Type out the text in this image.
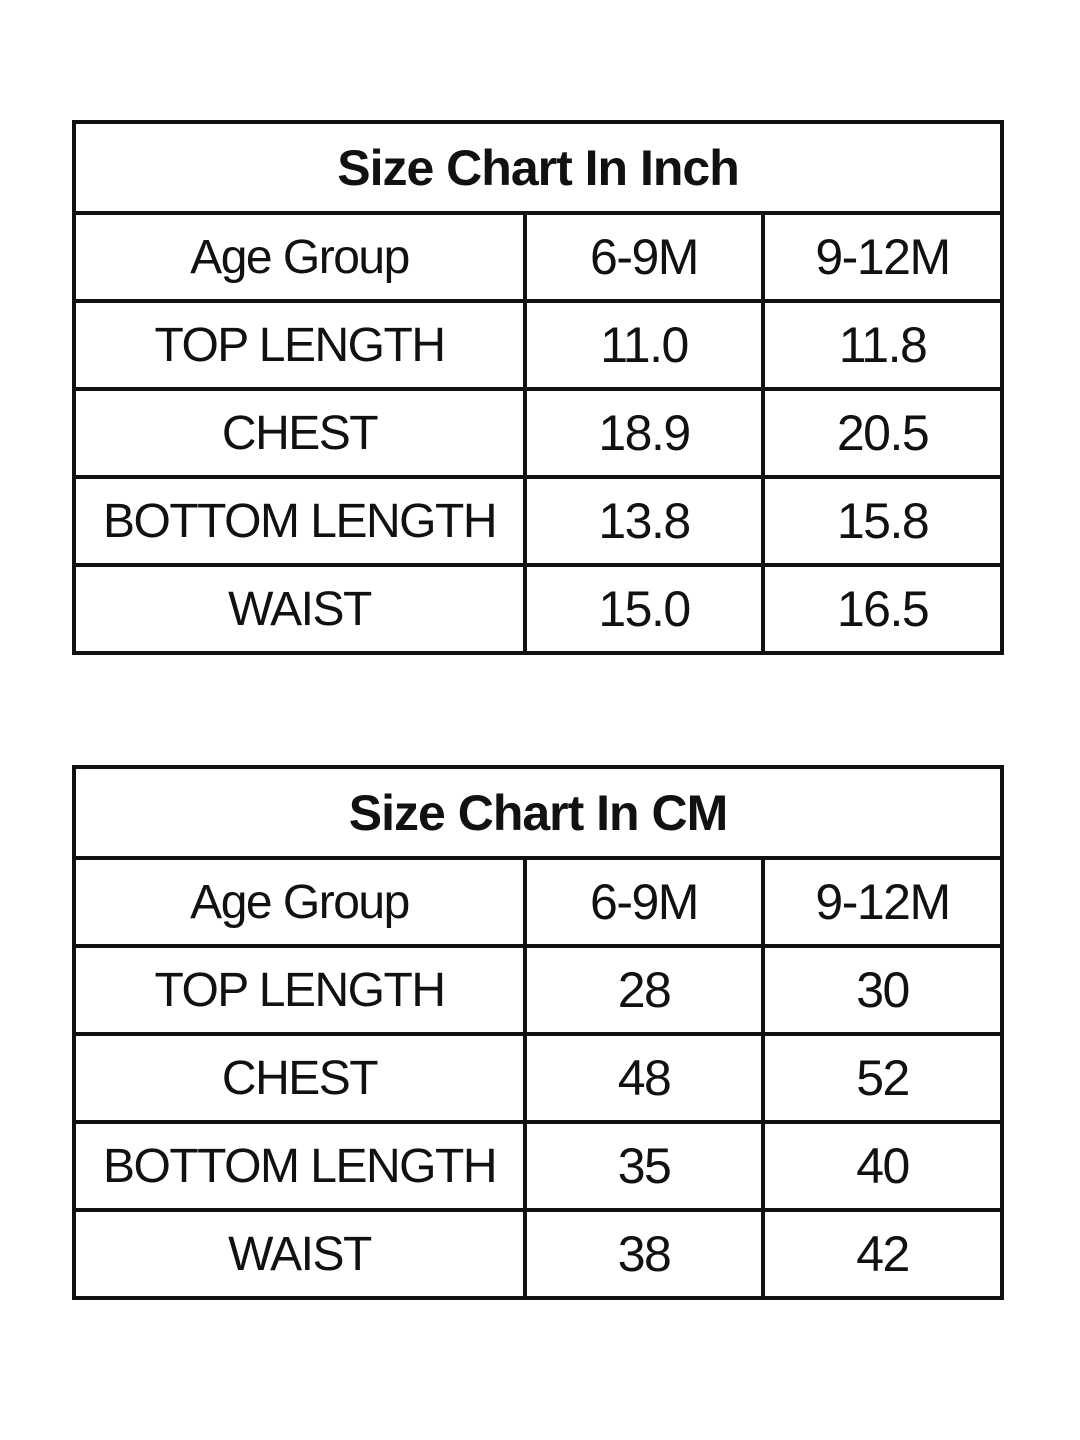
Size Chart In Inch		
Age Group	6-9M	9-12M
TOP LENGTH	11.0	11.8
CHEST	18.9	20.5
BOTTOM LENGTH	13.8	15.8
WAIST	15.0	16.5
Size Chart In CM		
Age Group	6-9M	9-12M
TOP LENGTH	28	30
CHEST	48	52
BOTTOM LENGTH	35	40
WAIST	38	42
